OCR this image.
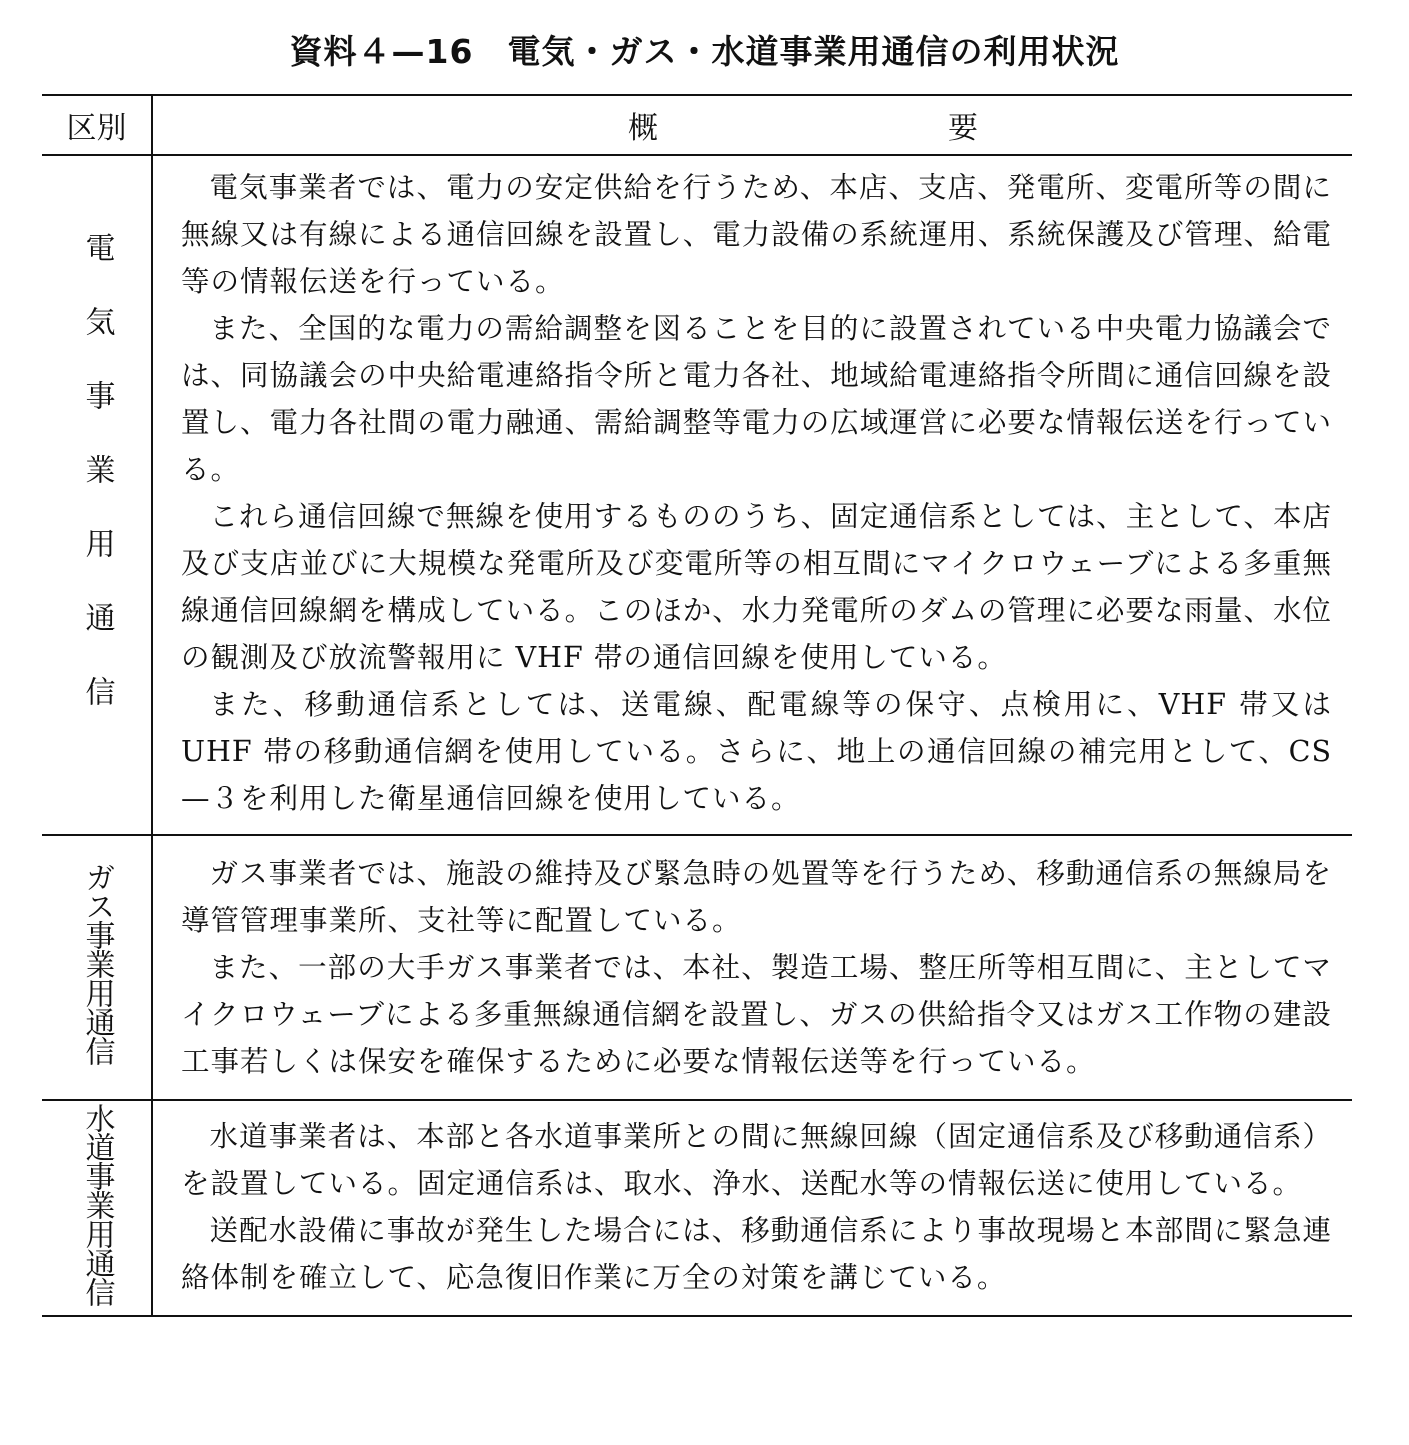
資料４—16　電気・ガス・水道事業用通信の利用状況
区別	概 要

電気事業用通信	電気事業者では、電力の安定供給を行うため、本店、支店、発電所、変電所等の間に無線又は有線による通信回線を設置し、電力設備の系統運用、系統保護及び管理、給電等の情報伝送を行っている。

また、全国的な電力の需給調整を図ることを目的に設置されている中央電力協議会では、同協議会の中央給電連絡指令所と電力各社、地域給電連絡指令所間に通信回線を設置し、電力各社間の電力融通、需給調整等電力の広域運営に必要な情報伝送を行っている。

これら通信回線で無線を使用するもののうち、固定通信系としては、主として、本店及び支店並びに大規模な発電所及び変電所等の相互間にマイクロウェーブによる多重無線通信回線網を構成している。このほか、水力発電所のダムの管理に必要な雨量、水位の観測及び放流警報用に VHF 帯の通信回線を使用している。

また、移動通信系としては、送電線、配電線等の保守、点検用に、VHF 帯又は UHF 帯の移動通信網を使用している。さらに、地上の通信回線の補完用として、CS—３を利用した衛星通信回線を使用している。

ガス事業用通信	ガス事業者では、施設の維持及び緊急時の処置等を行うため、移動通信系の無線局を導管管理事業所、支社等に配置している。

また、一部の大手ガス事業者では、本社、製造工場、整圧所等相互間に、主としてマイクロウェーブによる多重無線通信網を設置し、ガスの供給指令又はガス工作物の建設工事若しくは保安を確保するために必要な情報伝送等を行っている。

水道事業用通信	水道事業者は、本部と各水道事業所との間に無線回線（固定通信系及び移動通信系）を設置している。固定通信系は、取水、浄水、送配水等の情報伝送に使用している。

送配水設備に事故が発生した場合には、移動通信系により事故現場と本部間に緊急連絡体制を確立して、応急復旧作業に万全の対策を講じている。
